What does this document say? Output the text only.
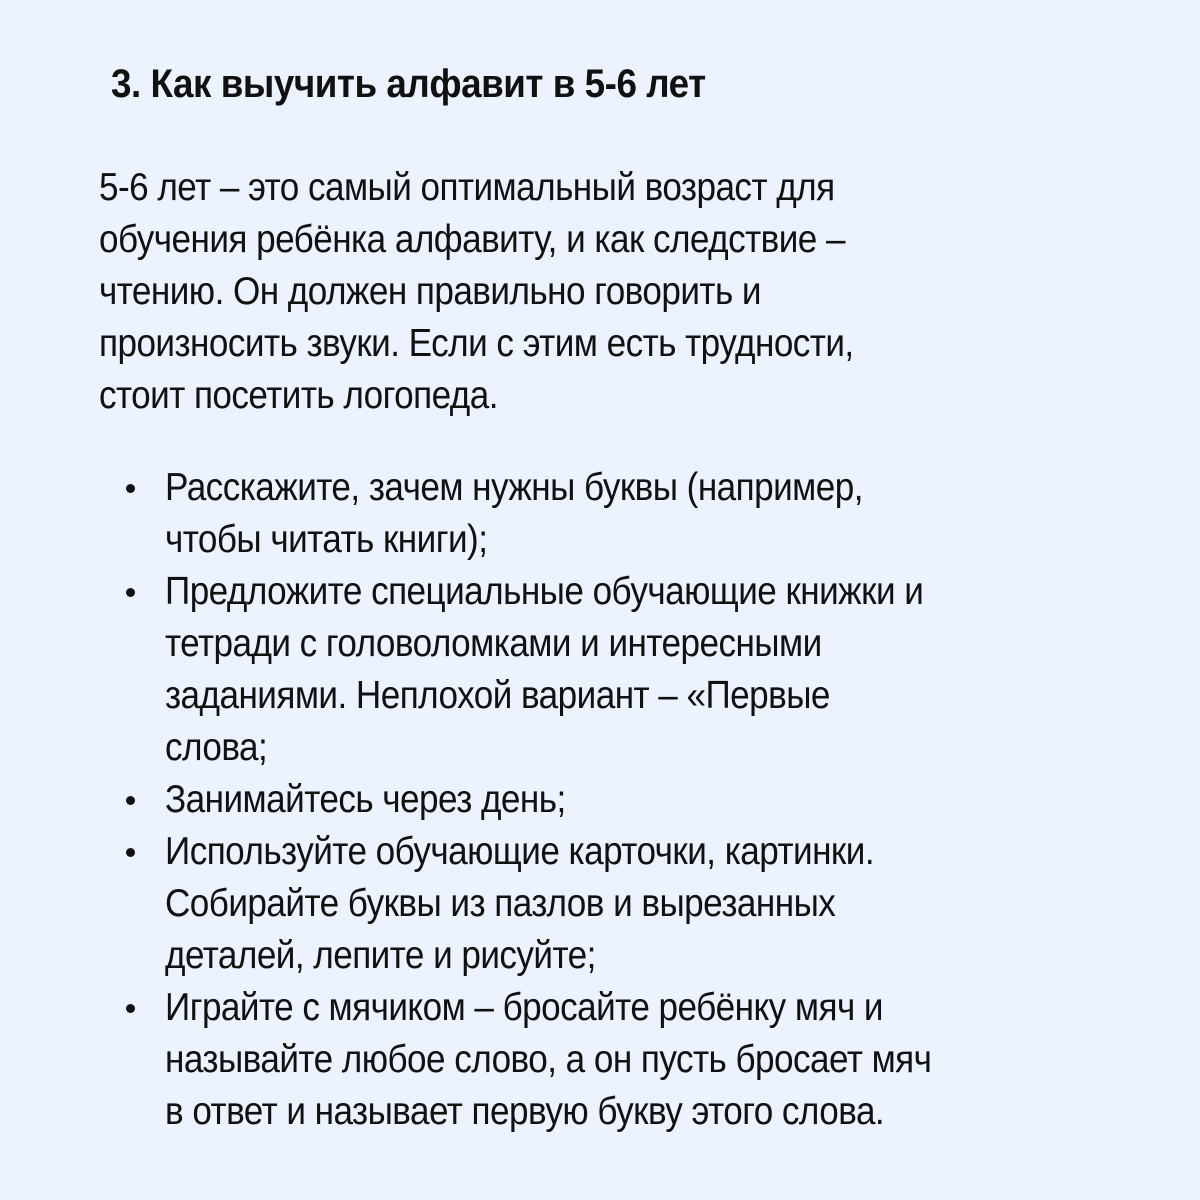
3. Как выучить алфавит в 5-6 лет

5-6 лет – это самый оптимальный возраст для
обучения ребёнка алфавиту, и как следствие –
чтению. Он должен правильно говорить и
произносить звуки. Если с этим есть трудности,
стоит посетить логопеда.

Расскажите, зачем нужны буквы (например,
чтобы читать книги);
Предложите специальные обучающие книжки и
тетради с головоломками и интересными
заданиями. Неплохой вариант – «Первые
слова;
Занимайтесь через день;
Используйте обучающие карточки, картинки.
Собирайте буквы из пазлов и вырезанных
деталей, лепите и рисуйте;
Играйте с мячиком – бросайте ребёнку мяч и
называйте любое слово, а он пусть бросает мяч
в ответ и называет первую букву этого слова.
